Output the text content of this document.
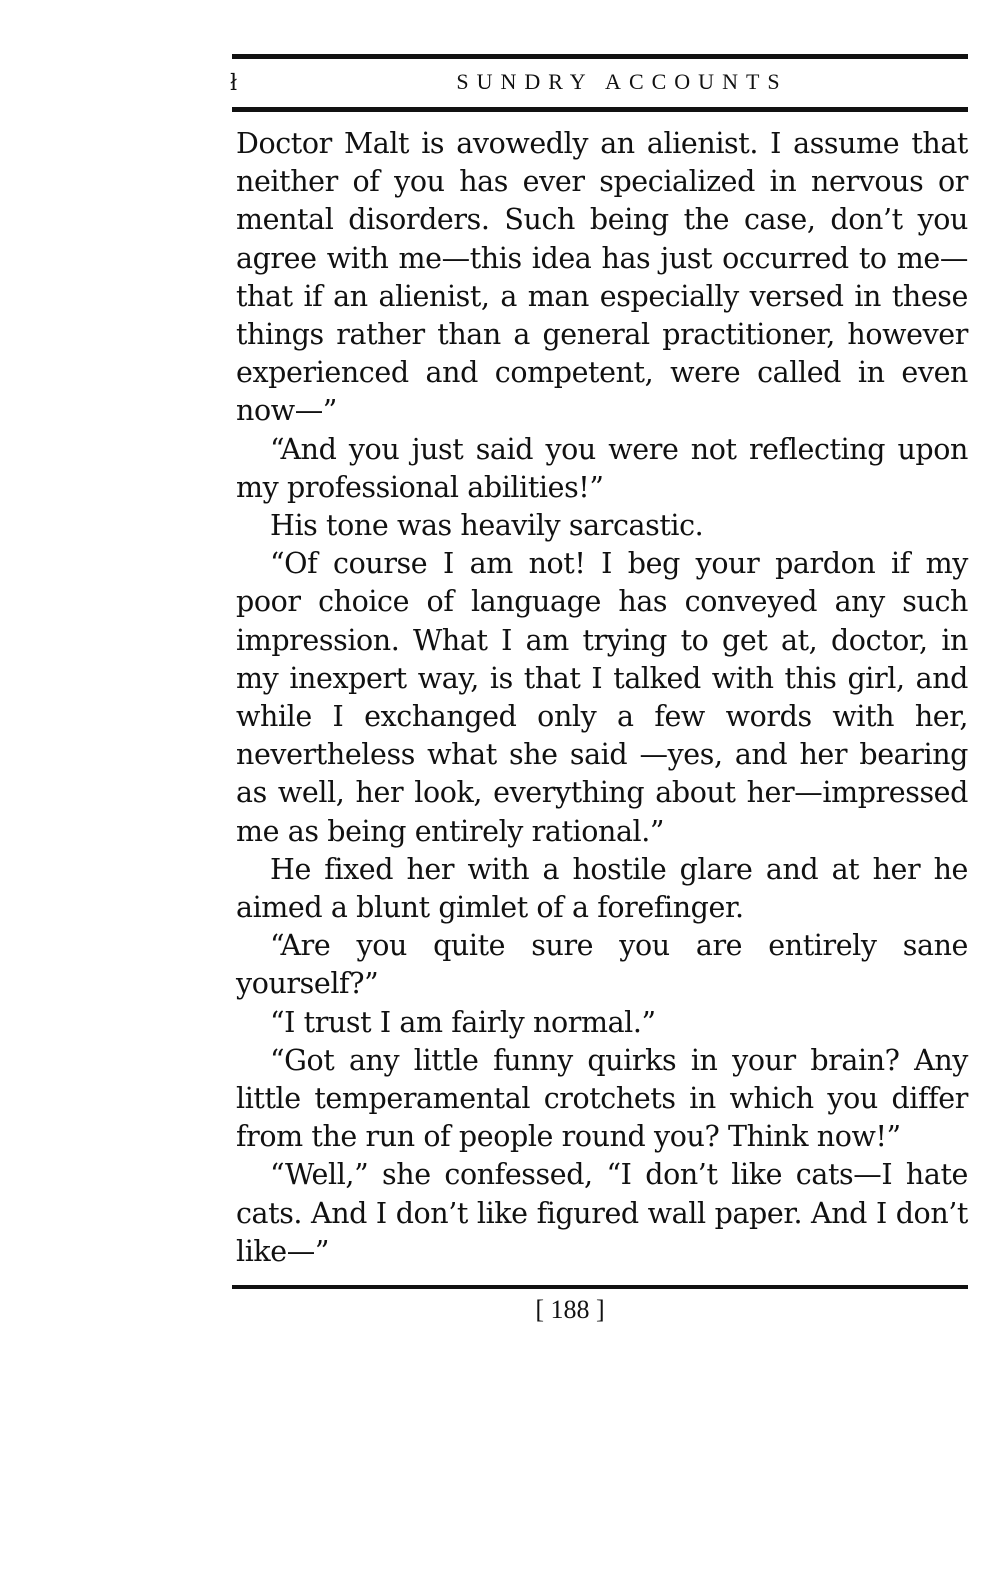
ł	SUNDRY ACCOUNTS

Doctor Malt is avowedly an alienist. I assume that neither of you has ever specialized in nervous or mental disorders. Such being the case, don’t you agree with me—this idea has just occurred to me—that if an alienist, a man especially versed in these things rather than a general practitioner, however experienced and competent, were called in even now—”

“And you just said you were not reflecting upon my professional abilities!”

His tone was heavily sarcastic.

“Of course I am not! I beg your pardon if my poor choice of language has conveyed any such impression. What I am trying to get at, doctor, in my inexpert way, is that I talked with this girl, and while I exchanged only a few words with her, nevertheless what she said —yes, and her bearing as well, her look, everything about her—impressed me as being entirely rational.”

He fixed her with a hostile glare and at her he aimed a blunt gimlet of a forefinger.

“Are you quite sure you are entirely sane yourself?”

“I trust I am fairly normal.”

“Got any little funny quirks in your brain? Any little temperamental crotchets in which you differ from the run of people round you? Think now!”

“Well,” she confessed, “I don’t like cats—I hate cats. And I don’t like figured wall paper. And I don’t like—”

[ 188 ]
